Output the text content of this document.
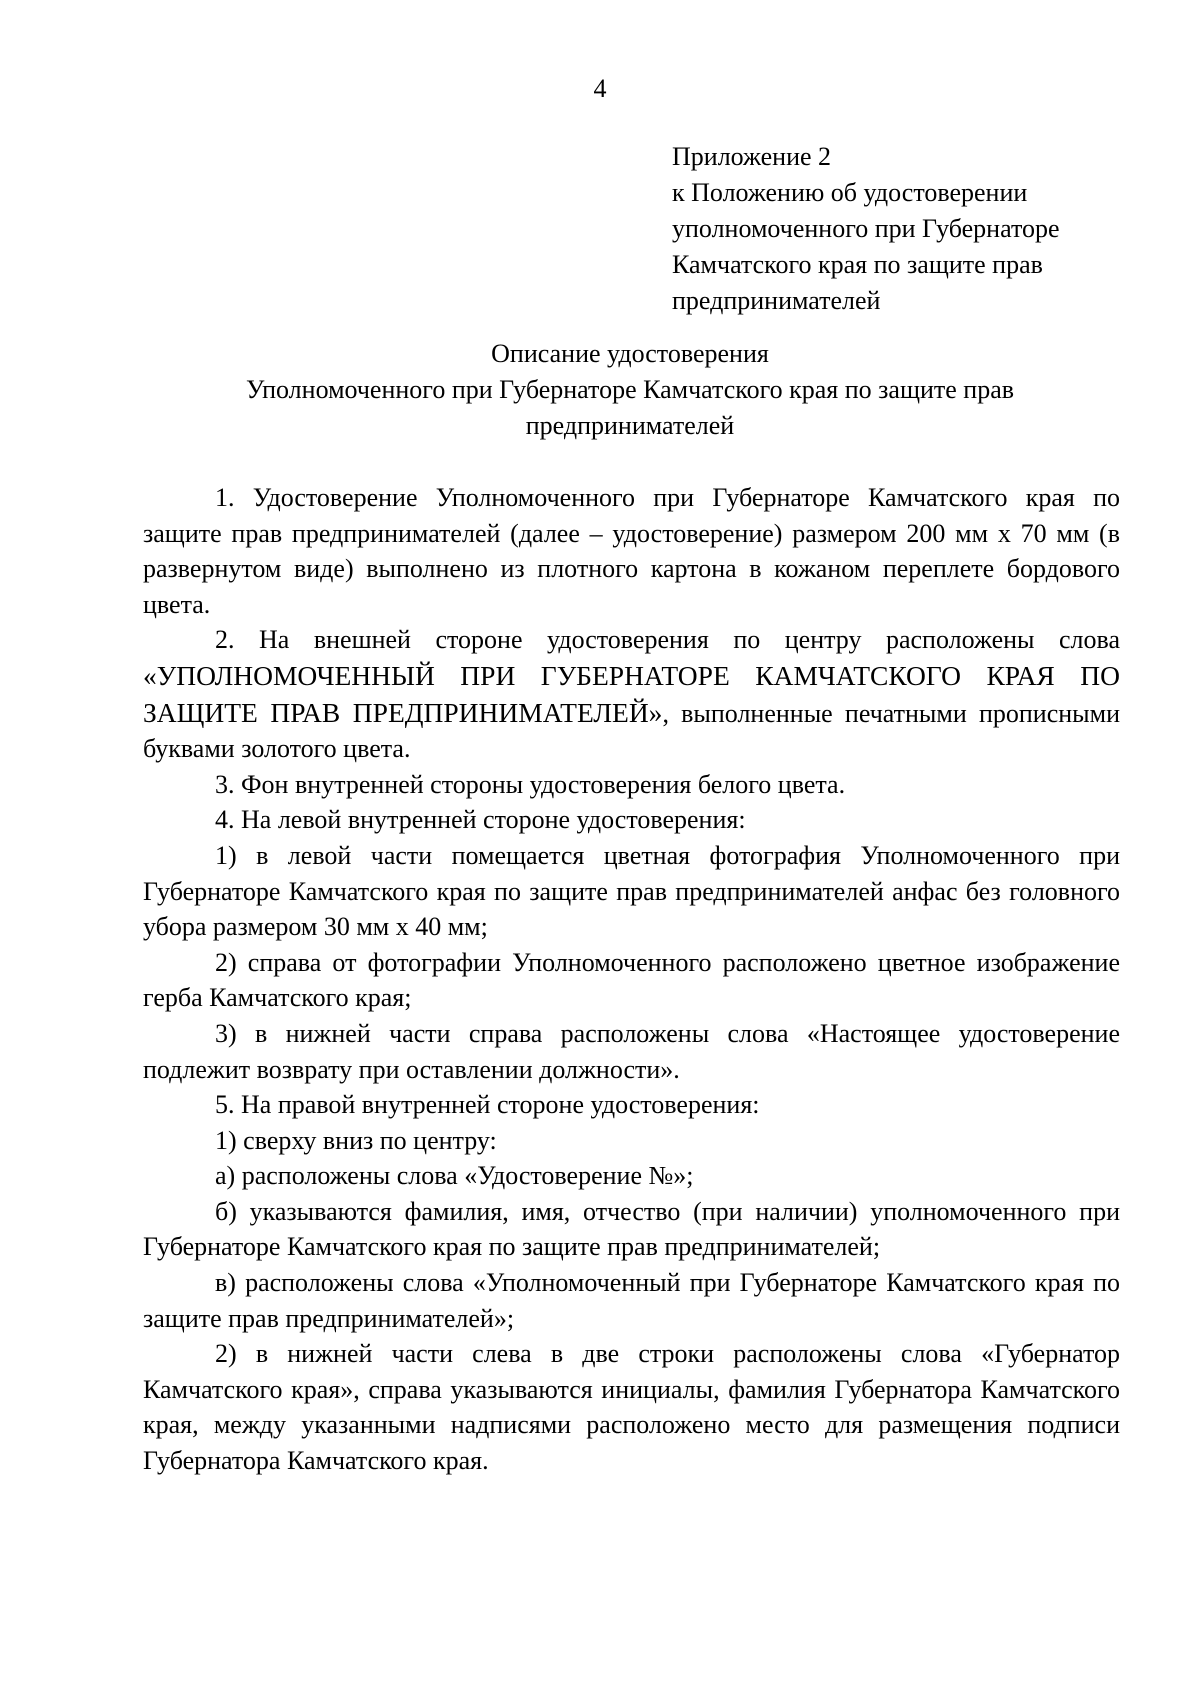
4
Приложение 2
к Положению об удостоверении
уполномоченного при Губернаторе
Камчатского края по защите прав
предпринимателей
Описание удостоверения
Уполномоченного при Губернаторе Камчатского края по защите прав
предпринимателей

1. Удостоверение Уполномоченного при Губернаторе Камчатского края по защите прав предпринимателей (далее – удостоверение) размером 200 мм х 70 мм (в развернутом виде) выполнено из плотного картона в кожаном переплете бордового цвета.

2. На внешней стороне удостоверения по центру расположены слова «УПОЛНОМОЧЕННЫЙ ПРИ ГУБЕРНАТОРЕ КАМЧАТСКОГО КРАЯ ПО ЗАЩИТЕ ПРАВ ПРЕДПРИНИМАТЕЛЕЙ», выполненные печатными прописными буквами золотого цвета.

3. Фон внутренней стороны удостоверения белого цвета.

4. На левой внутренней стороне удостоверения:

1) в левой части помещается цветная фотография Уполномоченного при Губернаторе Камчатского края по защите прав предпринимателей анфас без головного убора размером 30 мм х 40 мм;

2) справа от фотографии Уполномоченного расположено цветное изображение герба Камчатского края;

3) в нижней части справа расположены слова «Настоящее удостоверение подлежит возврату при оставлении должности».

5. На правой внутренней стороне удостоверения:

1) сверху вниз по центру:

а) расположены слова «Удостоверение №»;

б) указываются фамилия, имя, отчество (при наличии) уполномоченного при Губернаторе Камчатского края по защите прав предпринимателей;

в) расположены слова «Уполномоченный при Губернаторе Камчатского края по защите прав предпринимателей»;

2) в нижней части слева в две строки расположены слова «Губернатор Камчатского края», справа указываются инициалы, фамилия Губернатора Камчатского края, между указанными надписями расположено место для размещения подписи Губернатора Камчатского края.
